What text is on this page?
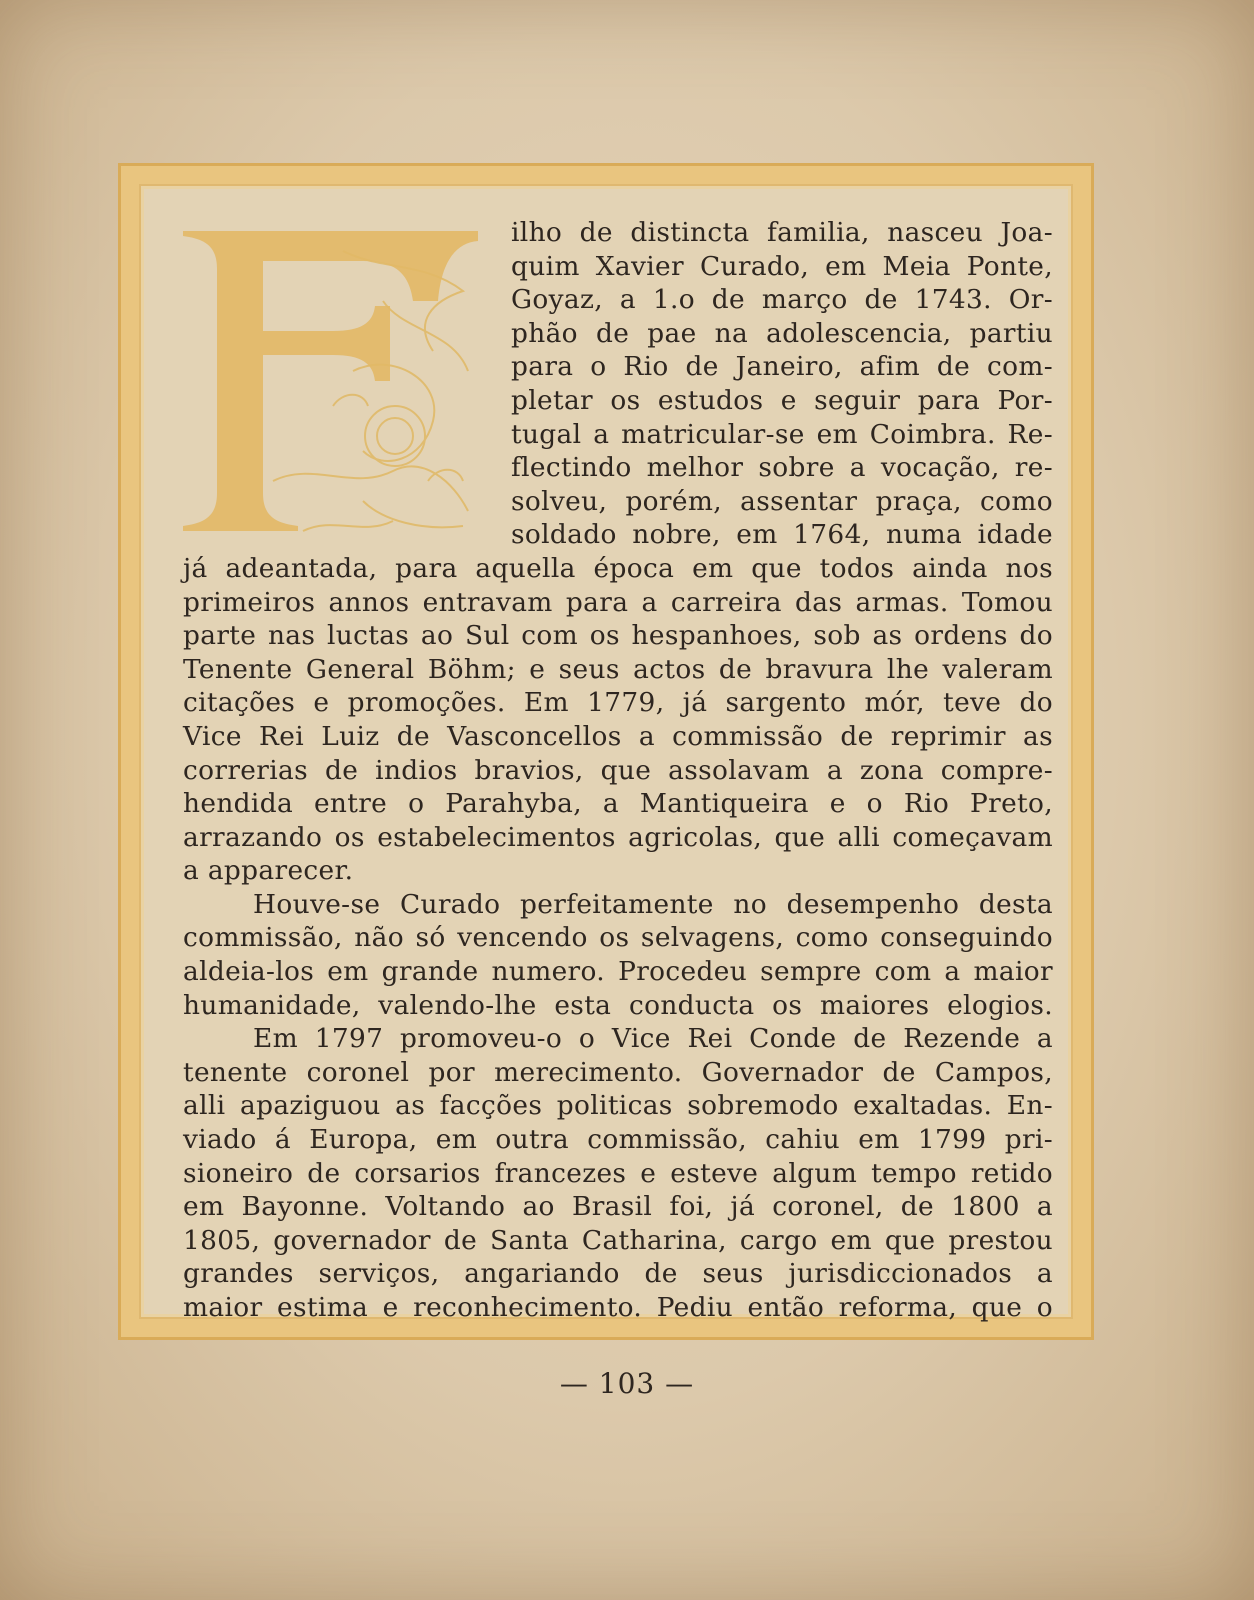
ilho de distincta familia, nasceu Joa-
quim Xavier Curado, em Meia Ponte,
Goyaz, a 1.o de março de 1743. Or-
phão de pae na adolescencia, partiu
para o Rio de Janeiro, afim de com-
pletar os estudos e seguir para Por-
tugal a matricular-se em Coimbra. Re-
flectindo melhor sobre a vocação, re-
solveu, porém, assentar praça, como
soldado nobre, em 1764, numa idade
já adeantada, para aquella época em que todos ainda nos
primeiros annos entravam para a carreira das armas. Tomou
parte nas luctas ao Sul com os hespanhoes, sob as ordens do
Tenente General Böhm; e seus actos de bravura lhe valeram
citações e promoções. Em 1779, já sargento mór, teve do
Vice Rei Luiz de Vasconcellos a commissão de reprimir as
correrias de indios bravios, que assolavam a zona compre-
hendida entre o Parahyba, a Mantiqueira e o Rio Preto,
arrazando os estabelecimentos agricolas, que alli começavam
a apparecer.
Houve-se Curado perfeitamente no desempenho desta
commissão, não só vencendo os selvagens, como conseguindo
aldeia-los em grande numero. Procedeu sempre com a maior
humanidade, valendo-lhe esta conducta os maiores elogios.
Em 1797 promoveu-o o Vice Rei Conde de Rezende a
tenente coronel por merecimento. Governador de Campos,
alli apaziguou as facções politicas sobremodo exaltadas. En-
viado á Europa, em outra commissão, cahiu em 1799 pri-
sioneiro de corsarios francezes e esteve algum tempo retido
em Bayonne. Voltando ao Brasil foi, já coronel, de 1800 a
1805, governador de Santa Catharina, cargo em que prestou
grandes serviços, angariando de seus jurisdiccionados a
maior estima e reconhecimento. Pediu então reforma, que o
— 103 —
